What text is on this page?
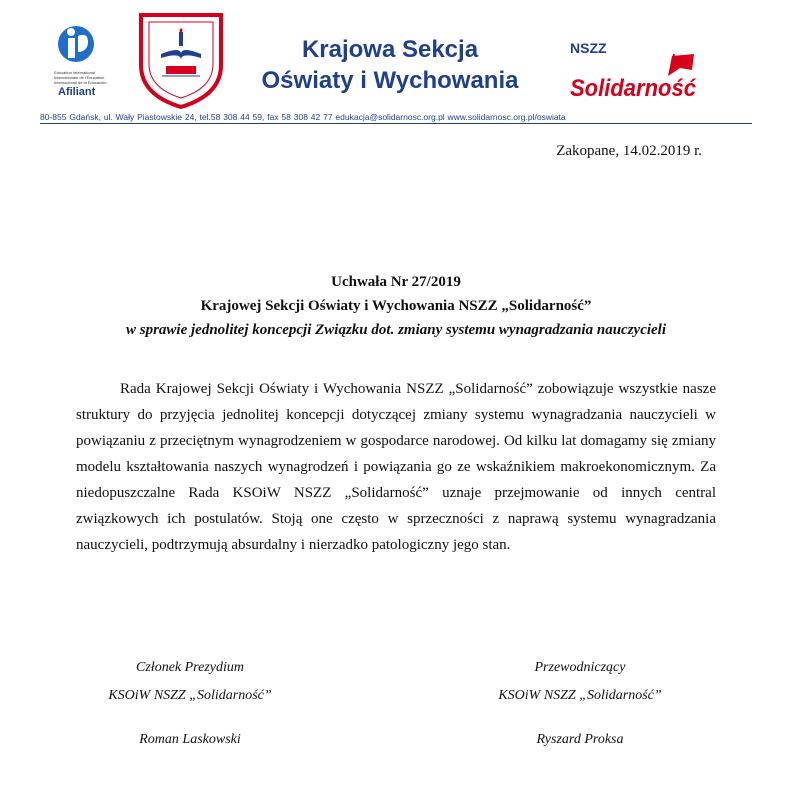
Education International Internationale de l'Education Internacional de la Educación
Afiliant
Krajowa Sekcja
Oświaty i Wychowania
NSZZ
Solidarność
80-855 Gdańsk, ul. Wały Piastowskie 24, tel.58 308 44 59, fax 58 308 42 77 edukacja@solidarnosc.org.pl www.solidarnosc.org.pl/oswiata
Zakopane, 14.02.2019 r.
Uchwała Nr 27/2019
Krajowej Sekcji Oświaty i Wychowania NSZZ „Solidarność”
w sprawie jednolitej koncepcji Związku dot. zmiany systemu wynagradzania nauczycieli

Rada Krajowej Sekcji Oświaty i Wychowania NSZZ „Solidarność” zobowiązuje wszystkie nasze struktury do przyjęcia jednolitej koncepcji dotyczącej zmiany systemu wynagradzania nauczycieli w powiązaniu z przeciętnym wynagrodzeniem w gospodarce narodowej. Od kilku lat domagamy się zmiany modelu kształtowania naszych wynagrodzeń i powiązania go ze wskaźnikiem makroekonomicznym. Za niedopuszczalne Rada KSOiW NSZZ „Solidarność” uznaje przejmowanie od innych central związkowych ich postulatów. Stoją one często w sprzeczności z naprawą systemu wynagradzania nauczycieli, podtrzymują absurdalny i nierzadko patologiczny jego stan.

Członek Prezydium
KSOiW NSZZ „Solidarność”
Roman Laskowski
Przewodniczący
KSOiW NSZZ „Solidarność”
Ryszard Proksa
